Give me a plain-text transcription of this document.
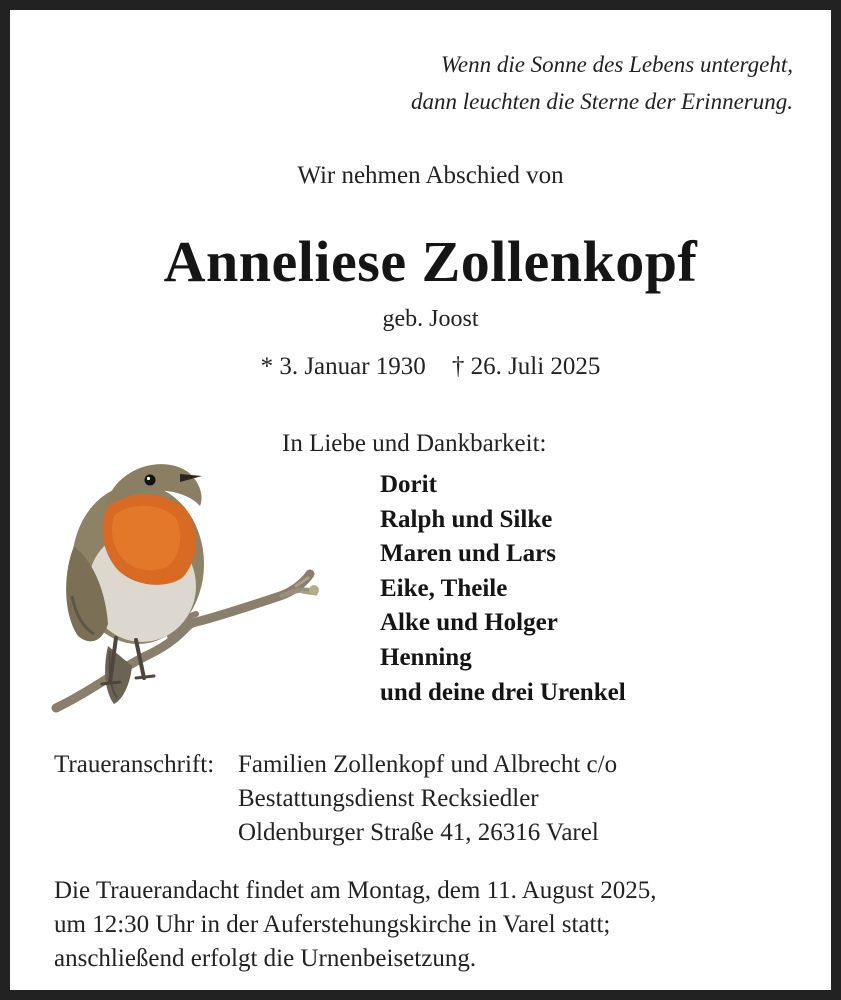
Wenn die Sonne des Lebens untergeht,
dann leuchten die Sterne der Erinnerung.
Wir nehmen Abschied von
Anneliese Zollenkopf
geb. Joost
* 3. Januar 1930 † 26. Juli 2025
In Liebe und Dankbarkeit:
Dorit
Ralph und Silke
Maren und Lars
Eike, Theile
Alke und Holger
Henning
und deine drei Urenkel
Traueranschrift: Familien Zollenkopf und Albrecht c/o
Bestattungsdienst Recksiedler
Oldenburger Straße 41, 26316 Varel
Die Trauerandacht findet am Montag, dem 11. August 2025,
um 12:30 Uhr in der Auferstehungskirche in Varel statt;
anschließend erfolgt die Urnenbeisetzung.
